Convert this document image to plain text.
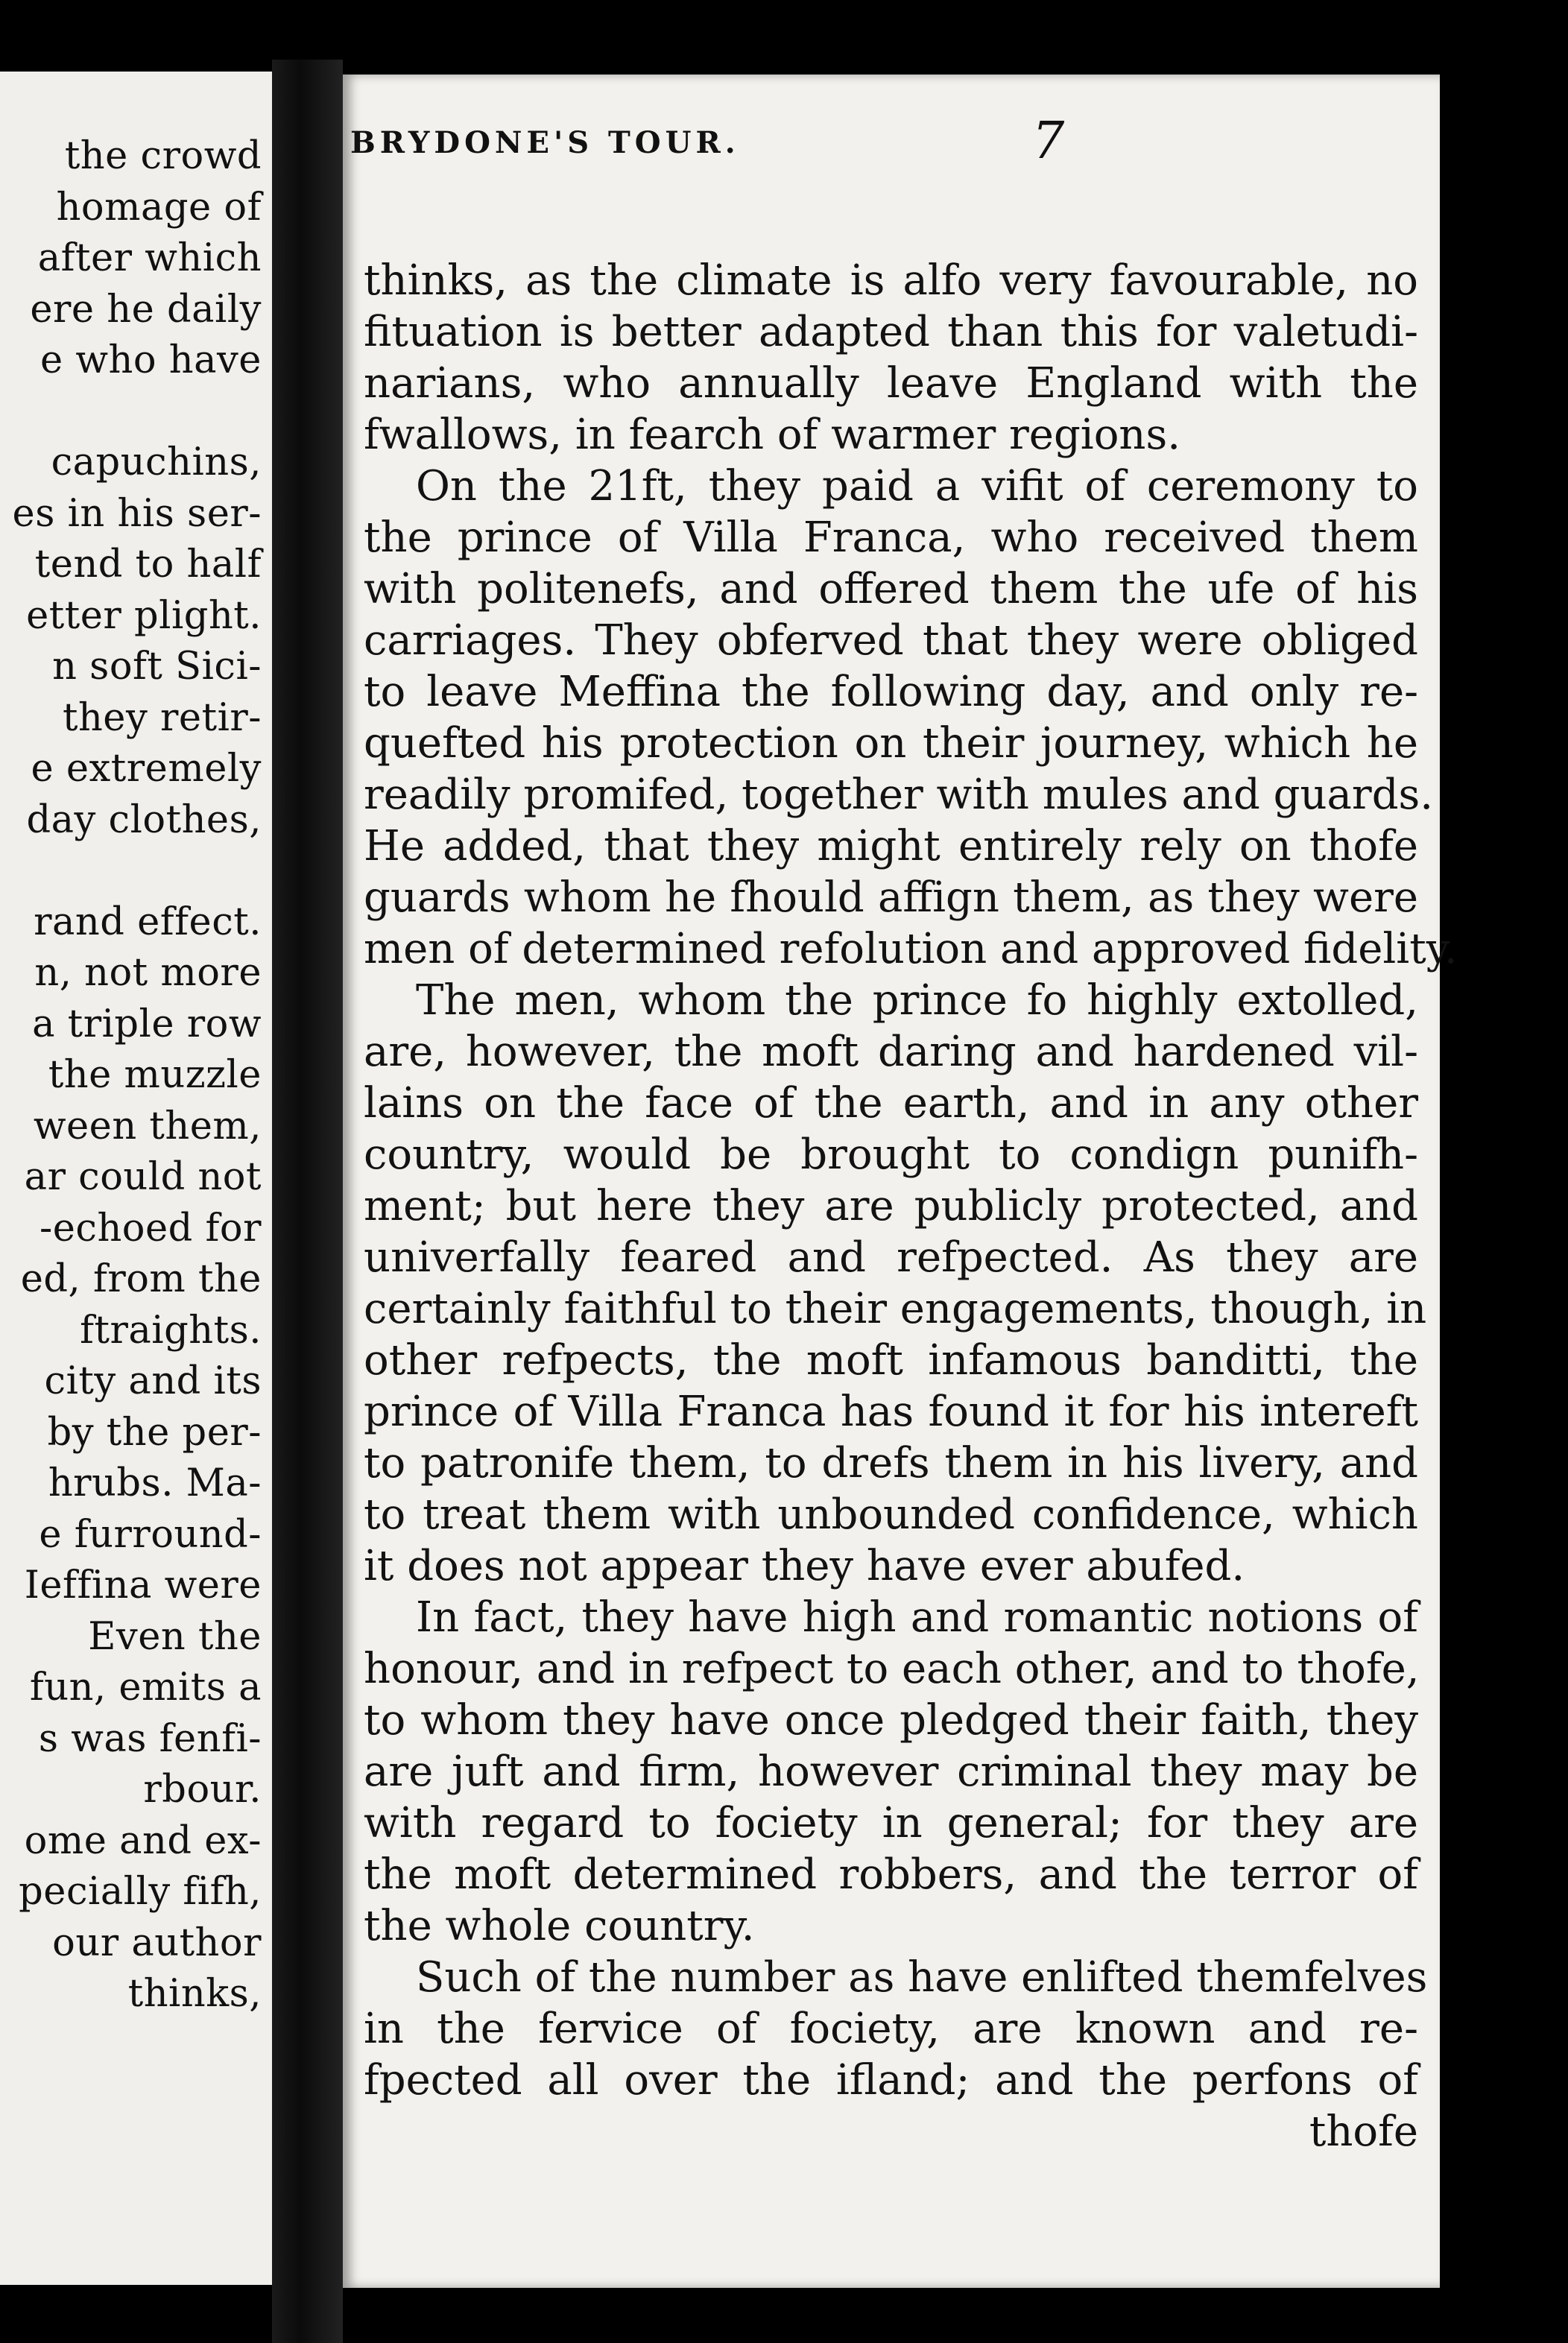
the crowd
homage of
after which
ere he daily
e who have
capuchins,
es in his ser-
tend to half
etter plight.
n soft Sici-
they retir-
e extremely
day clothes,
rand effect.
n, not more
a triple row
the muzzle
ween them,
ar could not
-echoed for
ed, from the
ftraights.
city and its
by the per-
hrubs. Ma-
e furround-
Ieffina were
Even the
fun, emits a
s was fenfi-
rbour.
ome and ex-
pecially fifh,
our author
thinks,
BRYDONE'S TOUR.	7
thinks, as the climate is alfo very favourable, no
fituation is better adapted than this for valetudi-
narians, who annually leave England with the
fwallows, in fearch of warmer regions.
On the 21ft, they paid a vifit of ceremony to
the prince of Villa Franca, who received them
with politenefs, and offered them the ufe of his
carriages. They obferved that they were obliged
to leave Meffina the following day, and only re-
quefted his protection on their journey, which he
readily promifed, together with mules and guards.
He added, that they might entirely rely on thofe
guards whom he fhould affign them, as they were
men of determined refolution and approved fidelity.
The men, whom the prince fo highly extolled,
are, however, the moft daring and hardened vil-
lains on the face of the earth, and in any other
country, would be brought to condign punifh-
ment; but here they are publicly protected, and
univerfally feared and refpected. As they are
certainly faithful to their engagements, though, in
other refpects, the moft infamous banditti, the
prince of Villa Franca has found it for his intereft
to patronife them, to drefs them in his livery, and
to treat them with unbounded confidence, which
it does not appear they have ever abufed.
In fact, they have high and romantic notions of
honour, and in refpect to each other, and to thofe,
to whom they have once pledged their faith, they
are juft and firm, however criminal they may be
with regard to fociety in general; for they are
the moft determined robbers, and the terror of
the whole country.
Such of the number as have enlifted themfelves
in the fervice of fociety, are known and re-
fpected all over the ifland; and the perfons of
thofe
